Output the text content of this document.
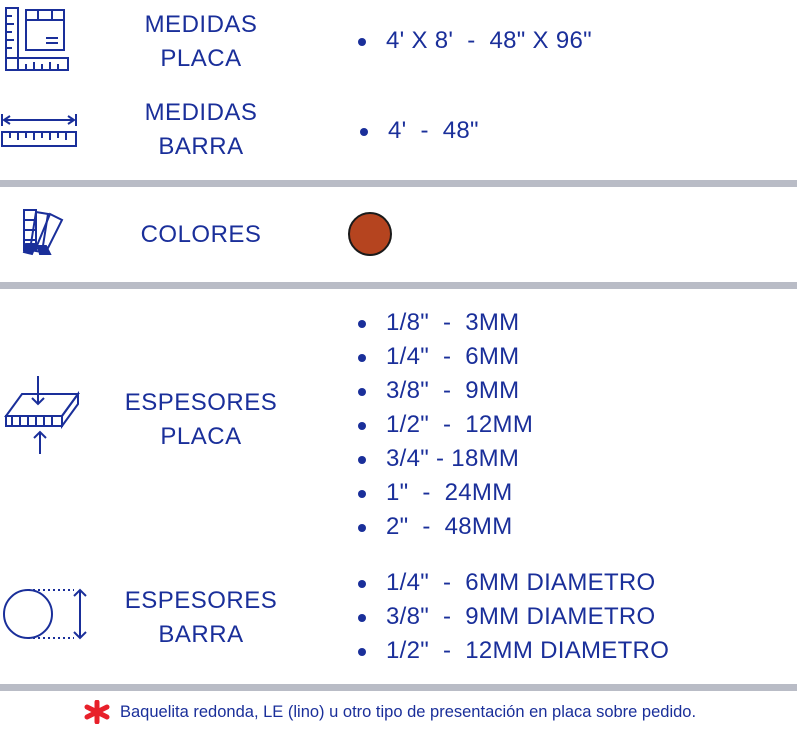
MEDIDAS
PLACA
4' X 8'  -  48" X 96"
MEDIDAS
BARRA
4'  -  48"
COLORES
ESPESORES
PLACA
1/8"  -  3MM
1/4"  -  6MM
3/8"  -  9MM
1/2"  -  12MM
3/4" - 18MM
1"  -  24MM
2"  -  48MM
ESPESORES
BARRA
1/4"  -  6MM DIAMETRO
3/8"  -  9MM DIAMETRO
1/2"  -  12MM DIAMETRO
Baquelita redonda, LE (lino) u otro tipo de presentación en placa sobre pedido.
